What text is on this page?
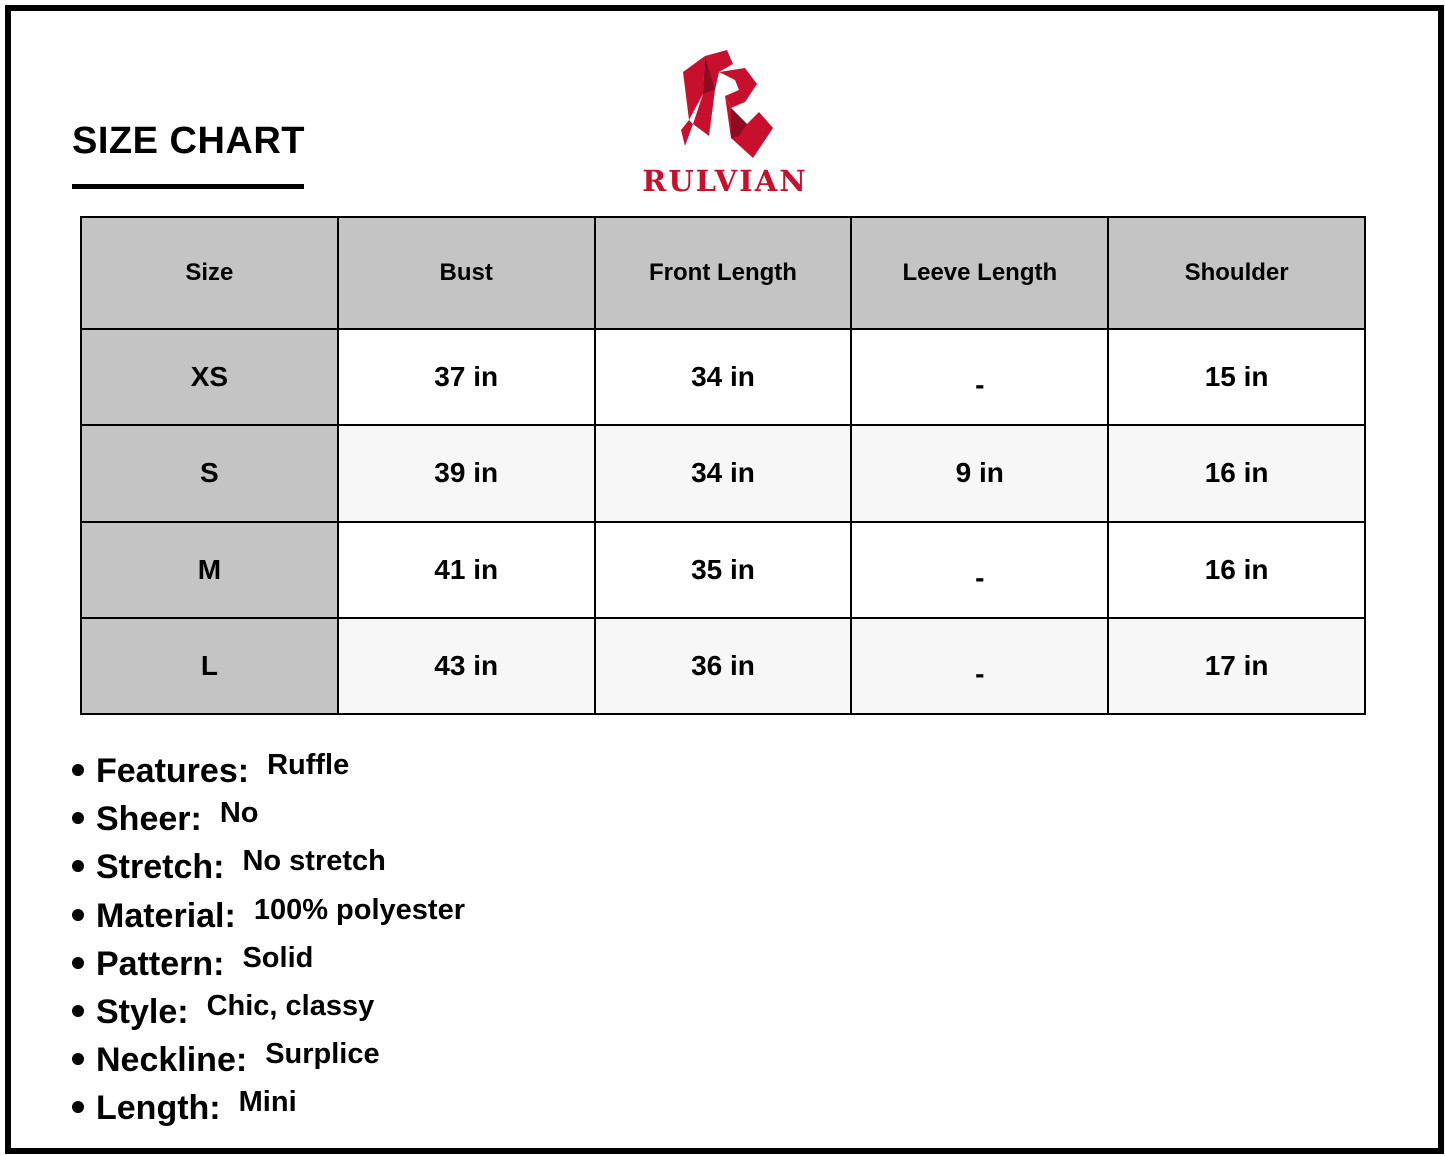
SIZE CHART
RULVIAN
Size	Bust	Front Length	Leeve Length	Shoulder
XS	37 in	34 in	-	15 in
S	39 in	34 in	9 in	16 in
M	41 in	35 in	-	16 in
L	43 in	36 in	-	17 in
Features: Ruffle
Sheer: No
Stretch: No stretch
Material: 100% polyester
Pattern: Solid
Style: Chic, classy
Neckline: Surplice
Length: Mini
